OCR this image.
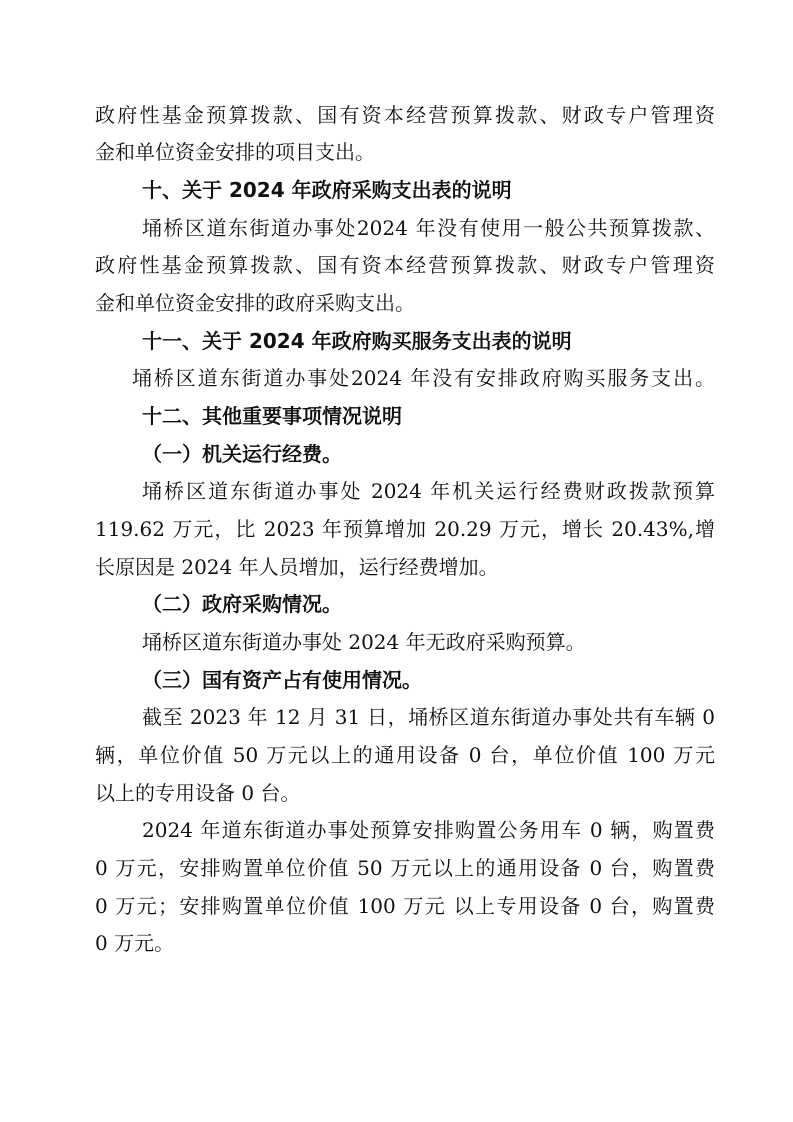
政府性基金预算拨款、国有资本经营预算拨款、财政专户管理资
金和单位资金安排的项目支出。
十、关于 2024 年政府采购支出表的说明
埇桥区道东街道办事处2024 年没有使用一般公共预算拨款、
政府性基金预算拨款、国有资本经营预算拨款、财政专户管理资
金和单位资金安排的政府采购支出。
十一、关于 2024 年政府购买服务支出表的说明
埇桥区道东街道办事处2024 年没有安排政府购买服务支出。
十二、其他重要事项情况说明
（一）机关运行经费。
埇桥区道东街道办事处 2024 年机关运行经费财政拨款预算
119.62 万元，比 2023 年预算增加 20.29 万元，增长 20.43%,增
长原因是 2024 年人员增加，运行经费增加。
（二）政府采购情况。
埇桥区道东街道办事处 2024 年无政府采购预算。
（三）国有资产占有使用情况。
截至 2023 年 12 月 31 日，埇桥区道东街道办事处共有车辆 0
辆，单位价值 50 万元以上的通用设备 0 台，单位价值 100 万元
以上的专用设备 0 台。
2024 年道东街道办事处预算安排购置公务用车 0 辆，购置费
0 万元，安排购置单位价值 50 万元以上的通用设备 0 台，购置费
0 万元；安排购置单位价值 100 万元 以上专用设备 0 台，购置费
0 万元。
